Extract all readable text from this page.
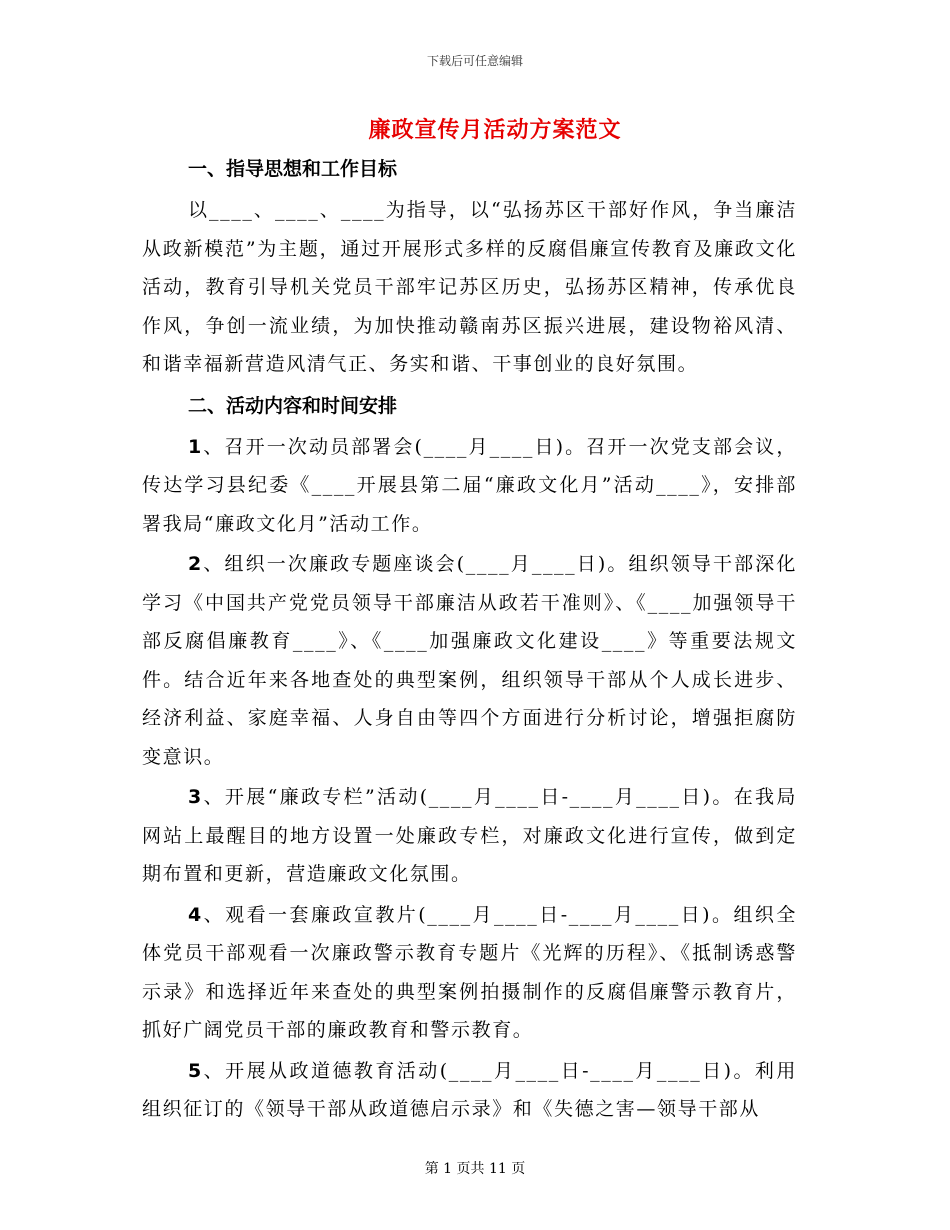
下载后可任意编辑
廉政宣传月活动方案范文
一、指导思想和工作目标

以____、____、____为指导，以“弘扬苏区干部好作风，争当廉洁从政新模范”为主题，通过开展形式多样的反腐倡廉宣传教育及廉政文化活动，教育引导机关党员干部牢记苏区历史，弘扬苏区精神，传承优良作风，争创一流业绩，为加快推动赣南苏区振兴进展，建设物裕风清、和谐幸福新营造风清气正、务实和谐、干事创业的良好氛围。

二、活动内容和时间安排

1、召开一次动员部署会(____月____日)。召开一次党支部会议，传达学习县纪委《____开展县第二届“廉政文化月”活动____》，安排部署我局“廉政文化月”活动工作。

2、组织一次廉政专题座谈会(____月____日)。组织领导干部深化学习《中国共产党党员领导干部廉洁从政若干准则》、《____加强领导干部反腐倡廉教育____》、《____加强廉政文化建设____》等重要法规文件。结合近年来各地查处的典型案例，组织领导干部从个人成长进步、经济利益、家庭幸福、人身自由等四个方面进行分析讨论，增强拒腐防变意识。

3、开展“廉政专栏”活动(____月____日-____月____日)。在我局网站上最醒目的地方设置一处廉政专栏，对廉政文化进行宣传，做到定期布置和更新，营造廉政文化氛围。

4、观看一套廉政宣教片(____月____日-____月____日)。组织全体党员干部观看一次廉政警示教育专题片《光辉的历程》、《抵制诱惑警示录》和选择近年来查处的典型案例拍摄制作的反腐倡廉警示教育片，抓好广阔党员干部的廉政教育和警示教育。

5、开展从政道德教育活动(____月____日-____月____日)。利用组织征订的《领导干部从政道德启示录》和《失德之害—领导干部从

第 1 页共 11 页
